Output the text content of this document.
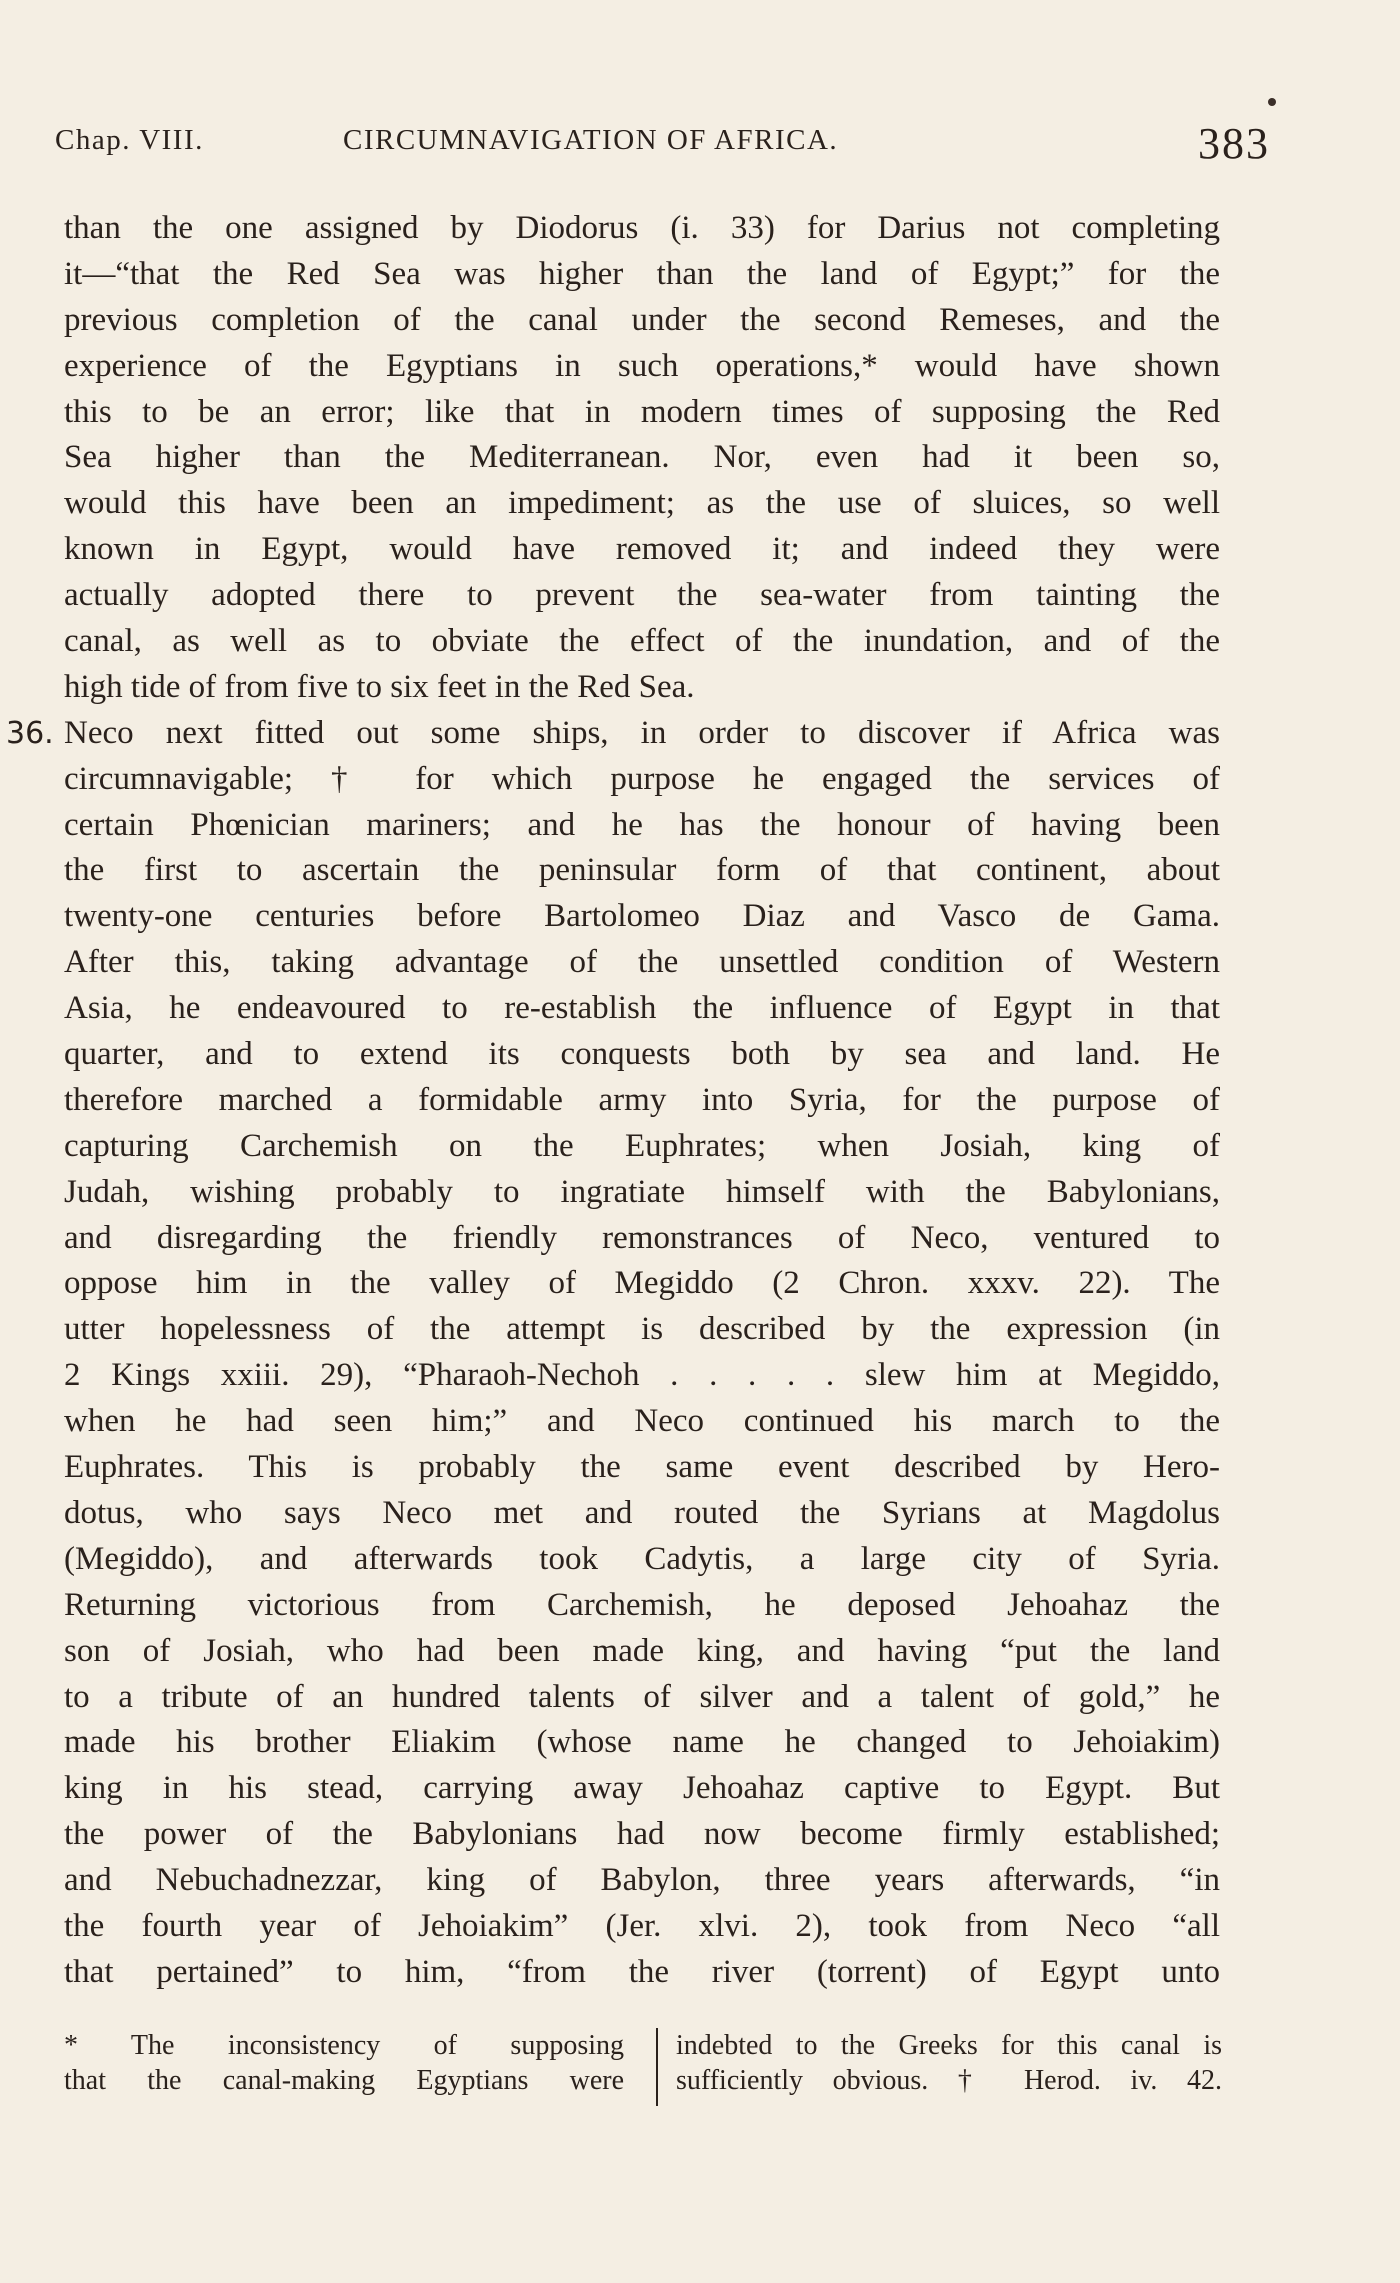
Chap. VIII.	CIRCUMNAVIGATION OF AFRICA.	383
than the one assigned by Diodorus (i. 33) for Darius not completing
it—“that the Red Sea was higher than the land of Egypt;” for the
previous completion of the canal under the second Remeses, and the
experience of the Egyptians in such operations,* would have shown
this to be an error; like that in modern times of supposing the Red
Sea higher than the Mediterranean. Nor, even had it been so,
would this have been an impediment; as the use of sluices, so well
known in Egypt, would have removed it; and indeed they were
actually adopted there to prevent the sea-water from tainting the
canal, as well as to obviate the effect of the inundation, and of the
high tide of from five to six feet in the Red Sea.
36. Neco next fitted out some ships, in order to discover if Africa was
circumnavigable; † for which purpose he engaged the services of
certain Phœnician mariners; and he has the honour of having been
the first to ascertain the peninsular form of that continent, about
twenty-one centuries before Bartolomeo Diaz and Vasco de Gama.
After this, taking advantage of the unsettled condition of Western
Asia, he endeavoured to re-establish the influence of Egypt in that
quarter, and to extend its conquests both by sea and land. He
therefore marched a formidable army into Syria, for the purpose of
capturing Carchemish on the Euphrates; when Josiah, king of
Judah, wishing probably to ingratiate himself with the Babylonians,
and disregarding the friendly remonstrances of Neco, ventured to
oppose him in the valley of Megiddo (2 Chron. xxxv. 22). The
utter hopelessness of the attempt is described by the expression (in
2 Kings xxiii. 29), “Pharaoh-Nechoh . . . . . slew him at Megiddo,
when he had seen him;” and Neco continued his march to the
Euphrates. This is probably the same event described by Hero-
dotus, who says Neco met and routed the Syrians at Magdolus
(Megiddo), and afterwards took Cadytis, a large city of Syria.
Returning victorious from Carchemish, he deposed Jehoahaz the
son of Josiah, who had been made king, and having “put the land
to a tribute of an hundred talents of silver and a talent of gold,” he
made his brother Eliakim (whose name he changed to Jehoiakim)
king in his stead, carrying away Jehoahaz captive to Egypt. But
the power of the Babylonians had now become firmly established;
and Nebuchadnezzar, king of Babylon, three years afterwards, “in
the fourth year of Jehoiakim” (Jer. xlvi. 2), took from Neco “all
that pertained” to him, “from the river (torrent) of Egypt unto
* The inconsistency of supposing
that the canal-making Egyptians were
indebted to the Greeks for this canal is
sufficiently obvious. † Herod. iv. 42.
